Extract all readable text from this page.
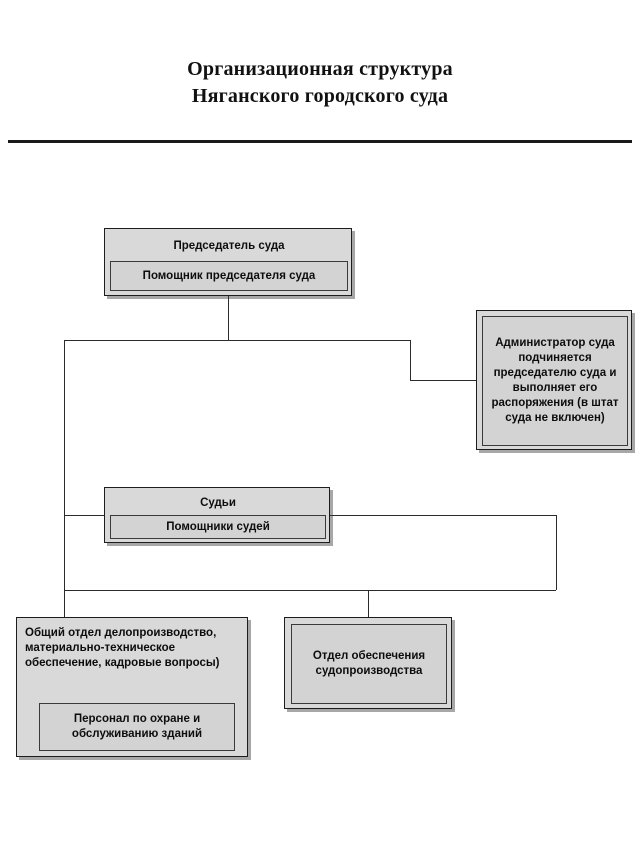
Организационная структура
Няганского городского суда
Председатель суда
Помощник председателя суда
Администратор суда подчиняется председателю суда и выполняет его распоряжения (в штат суда не включен)
Судьи
Помощники судей
Общий отдел делопроизводство, материально-техническое обеспечение, кадровые вопросы)
Персонал по охране и обслуживанию зданий
Отдел обеспечения судопроизводства
